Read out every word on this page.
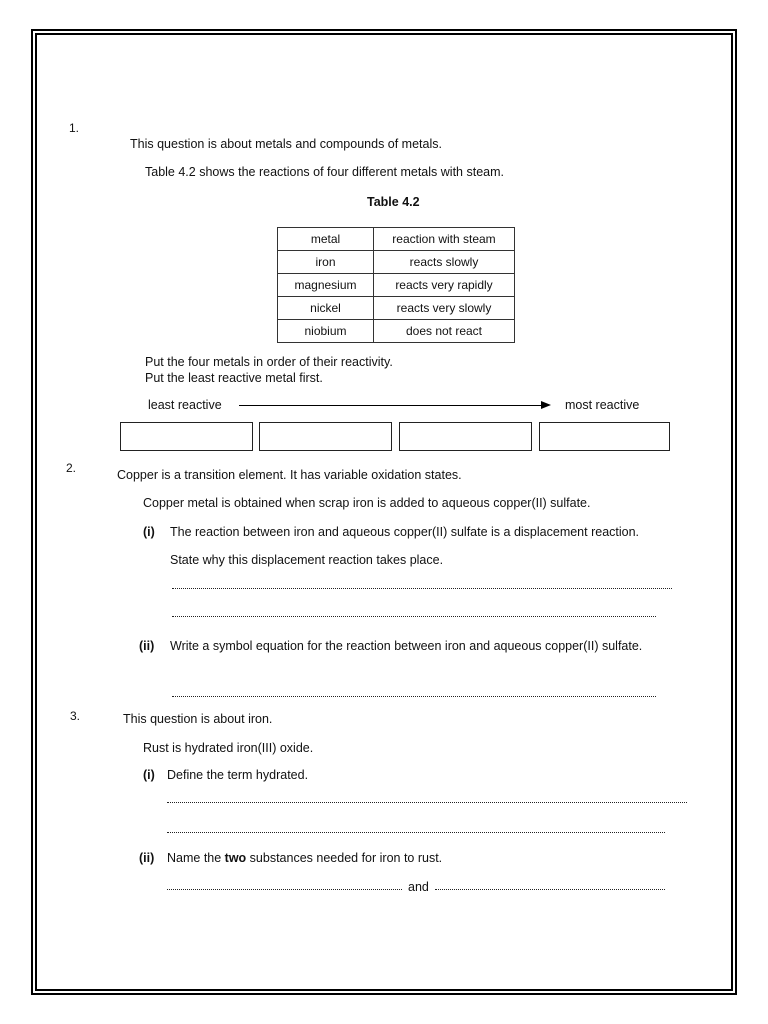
1.
This question is about metals and compounds of metals.
Table 4.2 shows the reactions of four different metals with steam.
Table 4.2
metal	reaction with steam
iron	reacts slowly
magnesium	reacts very rapidly
nickel	reacts very slowly
niobium	does not react
Put the four metals in order of their reactivity.
Put the least reactive metal first.
least reactive	most reactive
2.	Copper is a transition element. It has variable oxidation states.
Copper metal is obtained when scrap iron is added to aqueous copper(II) sulfate.
(i) The reaction between iron and aqueous copper(II) sulfate is a displacement reaction.
State why this displacement reaction takes place.
(ii) Write a symbol equation for the reaction between iron and aqueous copper(II) sulfate.
3.	This question is about iron.
Rust is hydrated iron(III) oxide.
(i) Define the term hydrated.
(ii) Name the two substances needed for iron to rust.
and
